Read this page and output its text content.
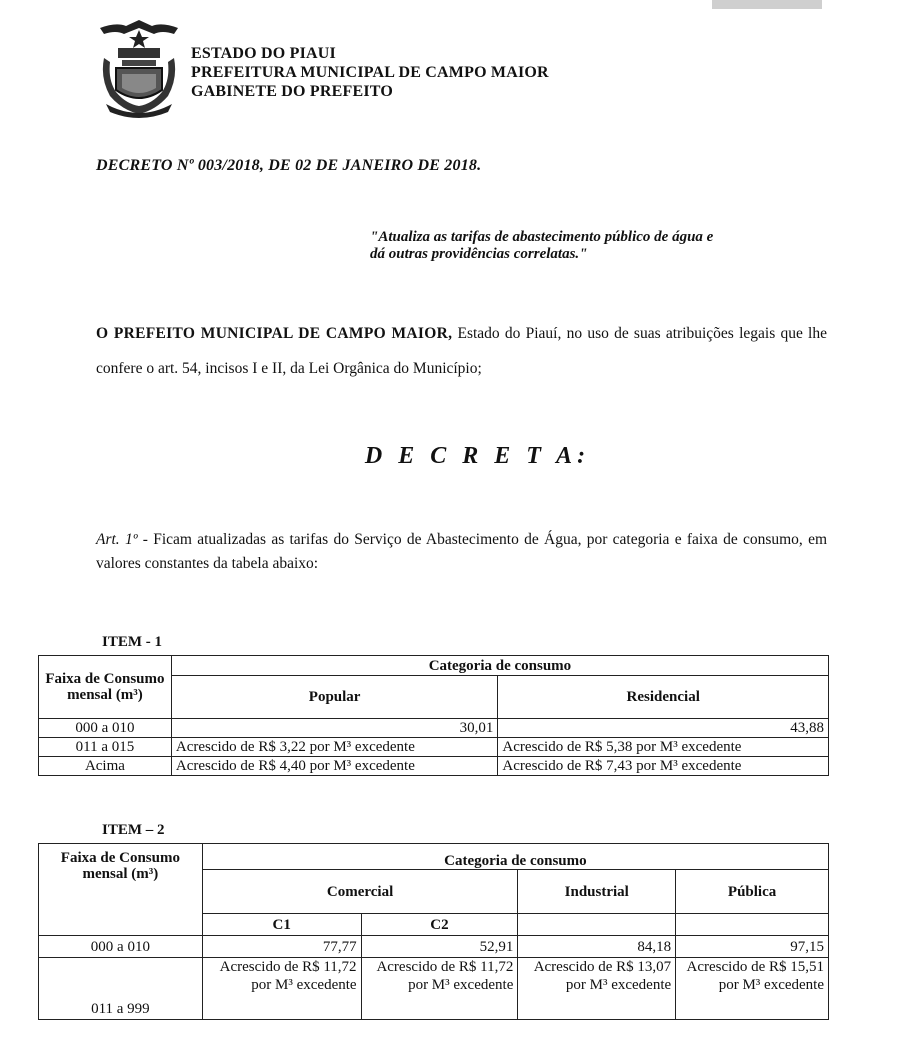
ESTADO DO PIAUI
PREFEITURA MUNICIPAL DE CAMPO MAIOR
GABINETE DO PREFEITO
DECRETO Nº 003/2018, DE 02 DE JANEIRO DE 2018.
"Atualiza as tarifas de abastecimento público de água e
dá outras providências correlatas."
O PREFEITO MUNICIPAL DE CAMPO MAIOR, Estado do Piauí, no uso de suas atribuições legais que lhe confere o art. 54, incisos I e II, da Lei Orgânica do Município;
D E C R E T A:
Art. 1º - Ficam atualizadas as tarifas do Serviço de Abastecimento de Água, por categoria e faixa de consumo, em valores constantes da tabela abaixo:
ITEM - 1
Faixa de Consumo mensal (m³)	Categoria de consumo	
	Popular	Residencial
000 a 010	30,01	43,88
011 a 015	Acrescido de R$ 3,22 por M³ excedente	Acrescido de R$ 5,38 por M³ excedente
Acima	Acrescido de R$ 4,40 por M³ excedente	Acrescido de R$ 7,43 por M³ excedente
ITEM – 2
Faixa de Consumo mensal (m³)	Categoria de consumo			
	Comercial		Industrial	Pública
	C1	C2		
000 a 010	77,77	52,91	84,18	97,15
011 a 999	Acrescido de R$ 11,72 por M³ excedente	Acrescido de R$ 11,72 por M³ excedente	Acrescido de R$ 13,07 por M³ excedente	Acrescido de R$ 15,51 por M³ excedente
